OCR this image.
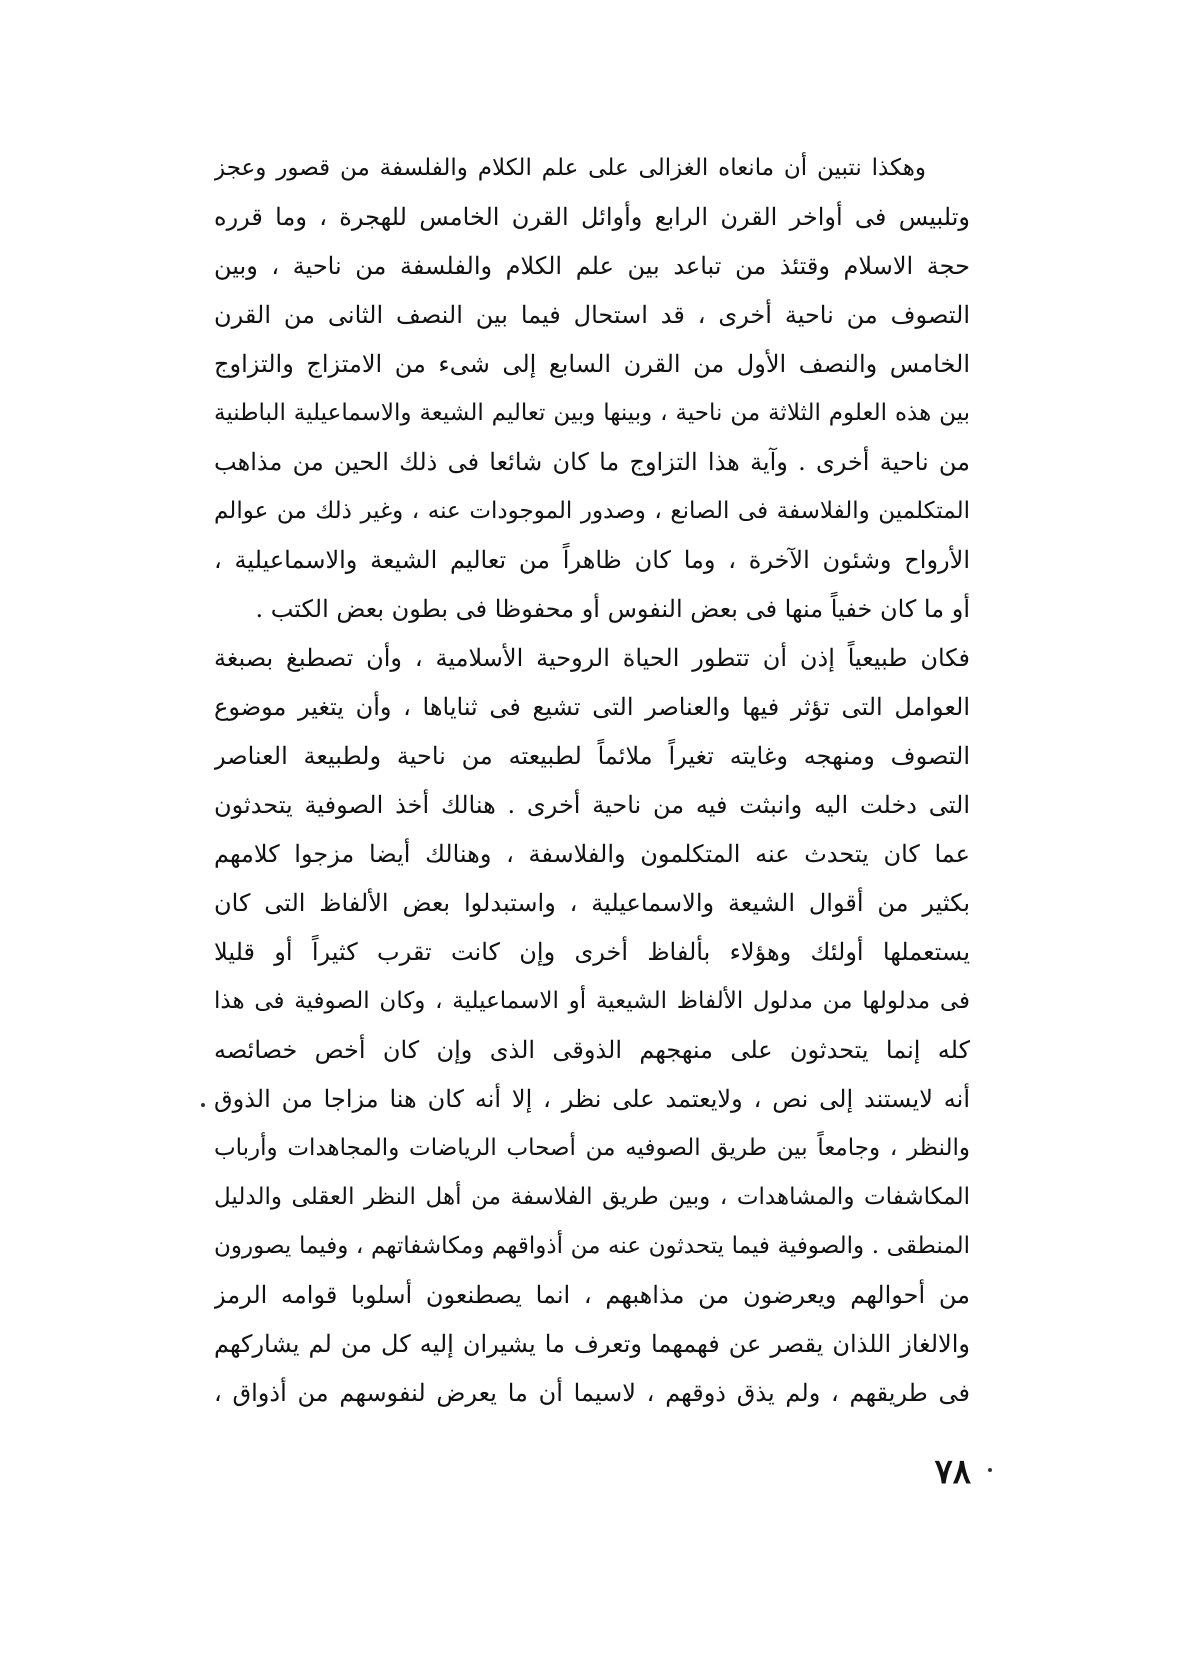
وهكذا نتبين أن مانعاه الغزالى على علم الكلام والفلسفة من قصور وعجز
وتلبيس فى أواخر القرن الرابع وأوائل القرن الخامس للهجرة ، وما قرره
حجة الاسلام وقتئذ من تباعد بين علم الكلام والفلسفة من ناحية ، وبين
التصوف من ناحية أخرى ، قد استحال فيما بين النصف الثانى من القرن
الخامس والنصف الأول من القرن السابع إلى شىء من الامتزاج والتزاوج
بين هذه العلوم الثلاثة من ناحية ، وبينها وبين تعاليم الشيعة والاسماعيلية الباطنية
من ناحية أخرى . وآية هذا التزاوج ما كان شائعا فى ذلك الحين من مذاهب
المتكلمين والفلاسفة فى الصانع ، وصدور الموجودات عنه ، وغير ذلك من عوالم
الأرواح وشئون الآخرة ، وما كان ظاهراً من تعاليم الشيعة والاسماعيلية ،
أو ما كان خفياً منها فى بعض النفوس أو محفوظا فى بطون بعض الكتب .
فكان طبيعياً إذن أن تتطور الحياة الروحية الأسلامية ، وأن تصطبغ بصبغة
العوامل التى تؤثر فيها والعناصر التى تشيع فى ثناياها ، وأن يتغير موضوع
التصوف ومنهجه وغايته تغيراً ملائماً لطبيعته من ناحية ولطبيعة العناصر
التى دخلت اليه وانبثت فيه من ناحية أخرى . هنالك أخذ الصوفية يتحدثون
عما كان يتحدث عنه المتكلمون والفلاسفة ، وهنالك أيضا مزجوا كلامهم
بكثير من أقوال الشيعة والاسماعيلية ، واستبدلوا بعض الألفاظ التى كان
يستعملها أولئك وهؤلاء بألفاظ أخرى وإن كانت تقرب كثيراً أو قليلا
فى مدلولها من مدلول الألفاظ الشيعية أو الاسماعيلية ، وكان الصوفية فى هذا
كله إنما يتحدثون على منهجهم الذوقى الذى وإن كان أخص خصائصه
أنه لايستند إلى نص ، ولايعتمد على نظر ، إلا أنه كان هنا مزاجا من الذوق
والنظر ، وجامعاً بين طريق الصوفيه من أصحاب الرياضات والمجاهدات وأرباب
المكاشفات والمشاهدات ، وبين طريق الفلاسفة من أهل النظر العقلى والدليل
المنطقى . والصوفية فيما يتحدثون عنه من أذواقهم ومكاشفاتهم ، وفيما يصورون
من أحوالهم ويعرضون من مذاهبهم ، انما يصطنعون أسلوبا قوامه الرمز
والالغاز اللذان يقصر عن فهمهما وتعرف ما يشيران إليه كل من لم يشاركهم
فى طريقهم ، ولم يذق ذوقهم ، لاسيما أن ما يعرض لنفوسهم من أذواق ،
٧٨
